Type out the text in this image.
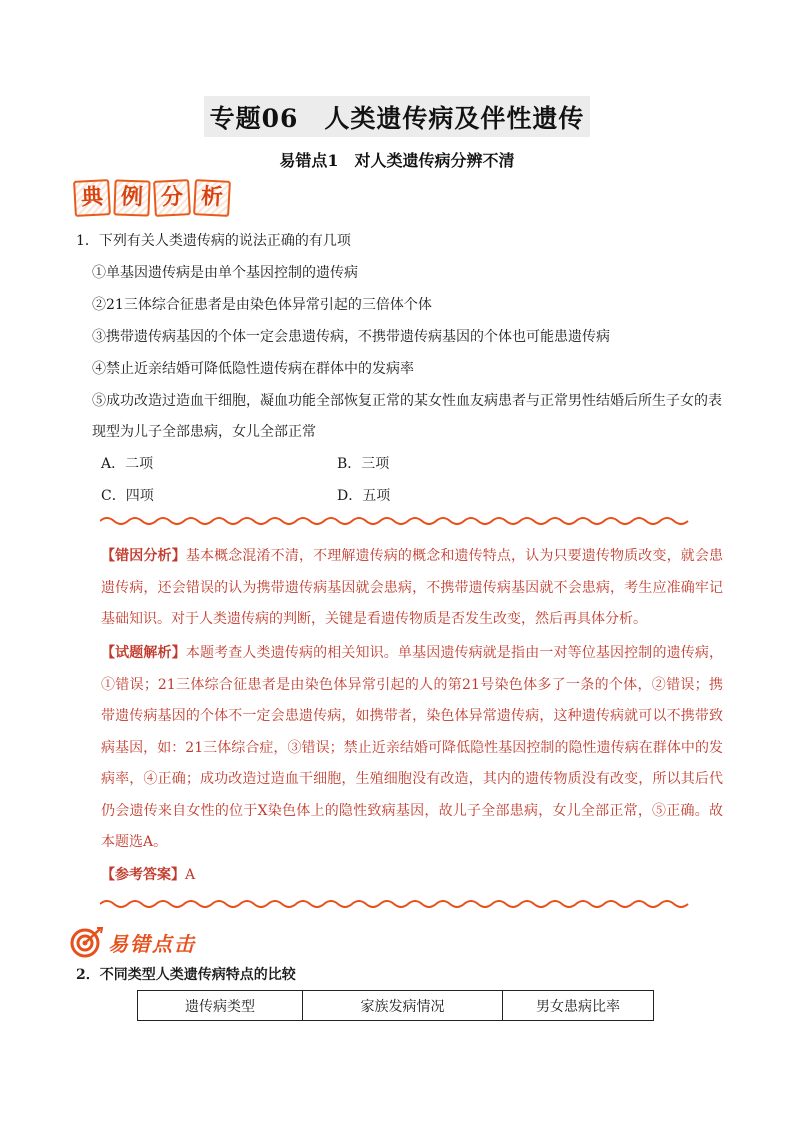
专题06　人类遗传病及伴性遗传
易错点1　对人类遗传病分辨不清
典 例 分 析
1．下列有关人类遗传病的说法正确的有几项
①单基因遗传病是由单个基因控制的遗传病
②21三体综合征患者是由染色体异常引起的三倍体个体
③携带遗传病基因的个体一定会患遗传病，不携带遗传病基因的个体也可能患遗传病
④禁止近亲结婚可降低隐性遗传病在群体中的发病率
⑤成功改造过造血干细胞，凝血功能全部恢复正常的某女性血友病患者与正常男性结婚后所生子女的表
现型为儿子全部患病，女儿全部正常
A．二项	B．三项
C．四项	D．五项
【错因分析】基本概念混淆不清，不理解遗传病的概念和遗传特点，认为只要遗传物质改变，就会患遗传病，还会错误的认为携带遗传病基因就会患病，不携带遗传病基因就不会患病，考生应准确牢记基础知识。对于人类遗传病的判断，关键是看遗传物质是否发生改变，然后再具体分析。
【试题解析】本题考查人类遗传病的相关知识。单基因遗传病就是指由一对等位基因控制的遗传病，①错误；21三体综合征患者是由染色体异常引起的人的第21号染色体多了一条的个体，②错误；携带遗传病基因的个体不一定会患遗传病，如携带者，染色体异常遗传病，这种遗传病就可以不携带致病基因，如：21三体综合症，③错误；禁止近亲结婚可降低隐性基因控制的隐性遗传病在群体中的发病率，④正确；成功改造过造血干细胞，生殖细胞没有改造，其内的遗传物质没有改变，所以其后代仍会遗传来自女性的位于X染色体上的隐性致病基因，故儿子全部患病，女儿全部正常，⑤正确。故本题选A。
【参考答案】A
易错点击
2．不同类型人类遗传病特点的比较
遗传病类型	家族发病情况	男女患病比率
